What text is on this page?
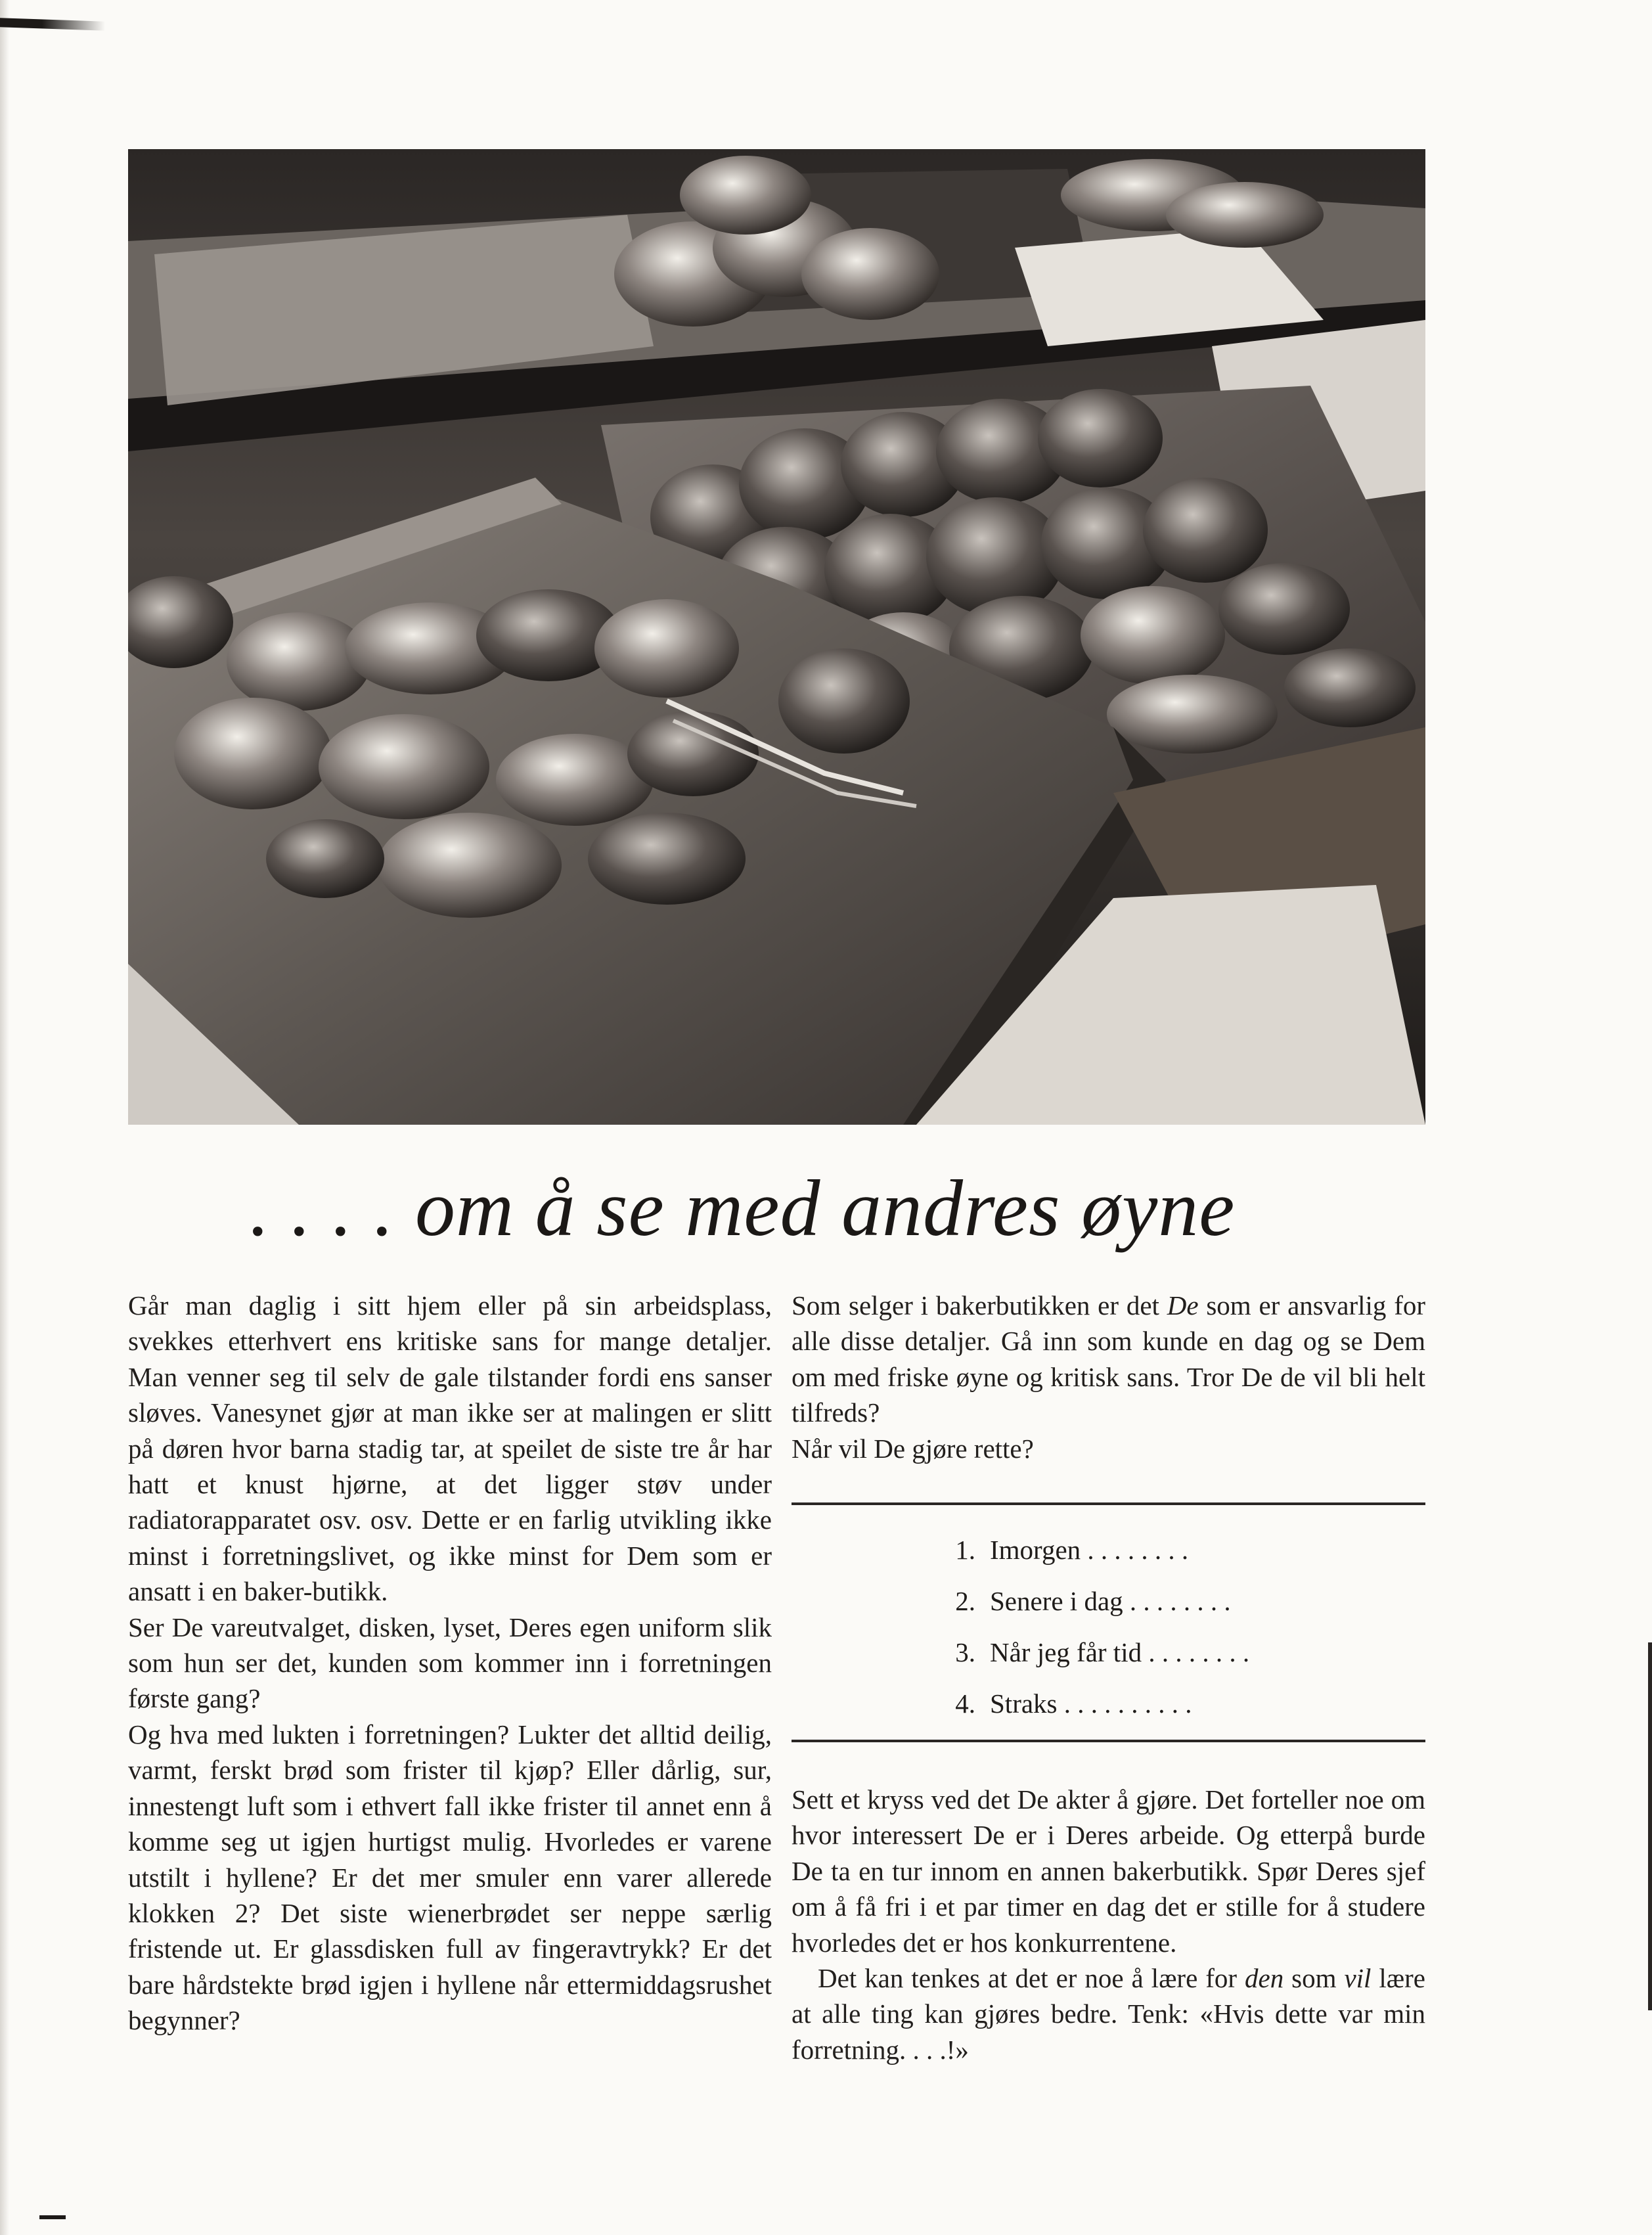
. . . . om å se med andres øyne

Går man daglig i sitt hjem eller på sin arbeidsplass, svekkes etterhvert ens kritiske sans for mange detaljer. Man venner seg til selv de gale tilstander fordi ens sanser sløves. Vanesynet gjør at man ikke ser at malingen er slitt på døren hvor barna stadig tar, at speilet de siste tre år har hatt et knust hjørne, at det ligger støv under radiatorapparatet osv. osv. Dette er en farlig utvikling ikke minst i forretningslivet, og ikke minst for Dem som er ansatt i en baker-butikk.

Ser De vareutvalget, disken, lyset, Deres egen uniform slik som hun ser det, kunden som kommer inn i forretningen første gang?

Og hva med lukten i forretningen? Lukter det alltid deilig, varmt, ferskt brød som frister til kjøp? Eller dårlig, sur, innestengt luft som i ethvert fall ikke frister til annet enn å komme seg ut igjen hurtigst mulig. Hvorledes er varene utstilt i hyllene? Er det mer smuler enn varer allerede klokken 2? Det siste wienerbrødet ser neppe særlig fristende ut. Er glassdisken full av fingeravtrykk? Er det bare hårdstekte brød igjen i hyllene når ettermiddagsrushet begynner?

Som selger i bakerbutikken er det De som er ansvarlig for alle disse detaljer. Gå inn som kunde en dag og se Dem om med friske øyne og kritisk sans. Tror De de vil bli helt tilfreds?

Når vil De gjøre rette?

1. Imorgen . . . . . . . .
2. Senere i dag . . . . . . . .
3. Når jeg får tid . . . . . . . .
4. Straks . . . . . . . . . .

Sett et kryss ved det De akter å gjøre. Det forteller noe om hvor interessert De er i Deres arbeide. Og etterpå burde De ta en tur innom en annen bakerbutikk. Spør Deres sjef om å få fri i et par timer en dag det er stille for å studere hvorledes det er hos konkurrentene.

Det kan tenkes at det er noe å lære for den som vil lære at alle ting kan gjøres bedre. Tenk: «Hvis dette var min forretning. . . .!»
